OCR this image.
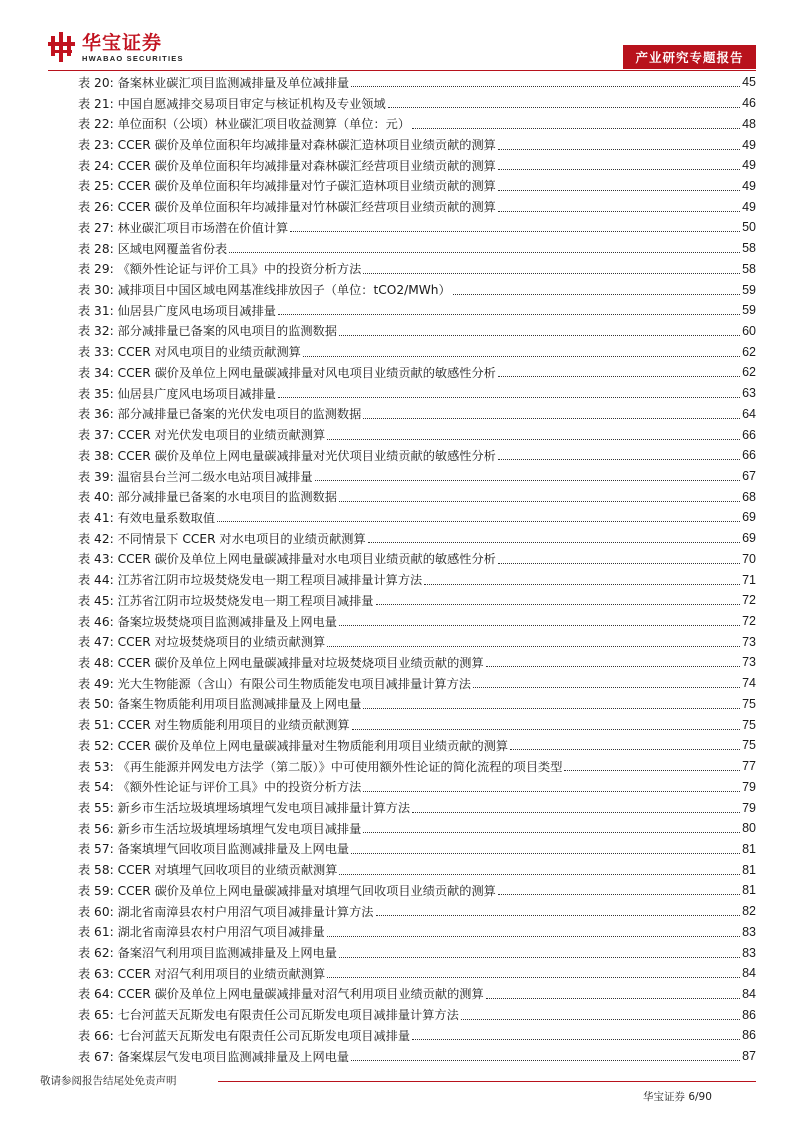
华宝证券
HWABAO SECURITIES	产业研究专题报告
表 20:
备案林业碳汇项目监测减排量及单位减排量	45
表 21:
中国自愿减排交易项目审定与核证机构及专业领域	46
表 22:
单位面积（公顷）林业碳汇项目收益测算（单位：元）	48
表 23:
CCER 碳价及单位面积年均减排量对森林碳汇造林项目业绩贡献的测算	49
表 24:
CCER 碳价及单位面积年均减排量对森林碳汇经营项目业绩贡献的测算	49
表 25:
CCER 碳价及单位面积年均减排量对竹子碳汇造林项目业绩贡献的测算	49
表 26:
CCER 碳价及单位面积年均减排量对竹林碳汇经营项目业绩贡献的测算	49
表 27:
林业碳汇项目市场潜在价值计算	50
表 28:
区域电网覆盖省份表	58
表 29:
《额外性论证与评价工具》中的投资分析方法	58
表 30:
减排项目中国区域电网基准线排放因子（单位：tCO2/MWh）	59
表 31:
仙居县广度风电场项目减排量	59
表 32:
部分减排量已备案的风电项目的监测数据	60
表 33:
CCER 对风电项目的业绩贡献测算	62
表 34:
CCER 碳价及单位上网电量碳减排量对风电项目业绩贡献的敏感性分析	62
表 35:
仙居县广度风电场项目减排量	63
表 36:
部分减排量已备案的光伏发电项目的监测数据	64
表 37:
CCER 对光伏发电项目的业绩贡献测算	66
表 38:
CCER 碳价及单位上网电量碳减排量对光伏项目业绩贡献的敏感性分析	66
表 39:
温宿县台兰河二级水电站项目减排量	67
表 40:
部分减排量已备案的水电项目的监测数据	68
表 41:
有效电量系数取值	69
表 42:
不同情景下 CCER 对水电项目的业绩贡献测算	69
表 43:
CCER 碳价及单位上网电量碳减排量对水电项目业绩贡献的敏感性分析	70
表 44:
江苏省江阴市垃圾焚烧发电一期工程项目减排量计算方法	71
表 45:
江苏省江阴市垃圾焚烧发电一期工程项目减排量	72
表 46:
备案垃圾焚烧项目监测减排量及上网电量	72
表 47:
CCER 对垃圾焚烧项目的业绩贡献测算	73
表 48:
CCER 碳价及单位上网电量碳减排量对垃圾焚烧项目业绩贡献的测算	73
表 49:
光大生物能源（含山）有限公司生物质能发电项目减排量计算方法	74
表 50:
备案生物质能利用项目监测减排量及上网电量	75
表 51:
CCER 对生物质能利用项目的业绩贡献测算	75
表 52:
CCER 碳价及单位上网电量碳减排量对生物质能利用项目业绩贡献的测算	75
表 53:
《再生能源并网发电方法学（第二版）》中可使用额外性论证的简化流程的项目类型	77
表 54:
《额外性论证与评价工具》中的投资分析方法	79
表 55:
新乡市生活垃圾填埋场填埋气发电项目减排量计算方法	79
表 56:
新乡市生活垃圾填埋场填埋气发电项目减排量	80
表 57:
备案填埋气回收项目监测减排量及上网电量	81
表 58:
CCER 对填埋气回收项目的业绩贡献测算	81
表 59:
CCER 碳价及单位上网电量碳减排量对填埋气回收项目业绩贡献的测算	81
表 60:
湖北省南漳县农村户用沼气项目减排量计算方法	82
表 61:
湖北省南漳县农村户用沼气项目减排量	83
表 62:
备案沼气利用项目监测减排量及上网电量	83
表 63:
CCER 对沼气利用项目的业绩贡献测算	84
表 64:
CCER 碳价及单位上网电量碳减排量对沼气利用项目业绩贡献的测算	84
表 65:
七台河蓝天瓦斯发电有限责任公司瓦斯发电项目减排量计算方法	86
表 66:
七台河蓝天瓦斯发电有限责任公司瓦斯发电项目减排量	86
表 67:
备案煤层气发电项目监测减排量及上网电量	87
敬请参阅报告结尾处免责声明
华宝证券 6/90
